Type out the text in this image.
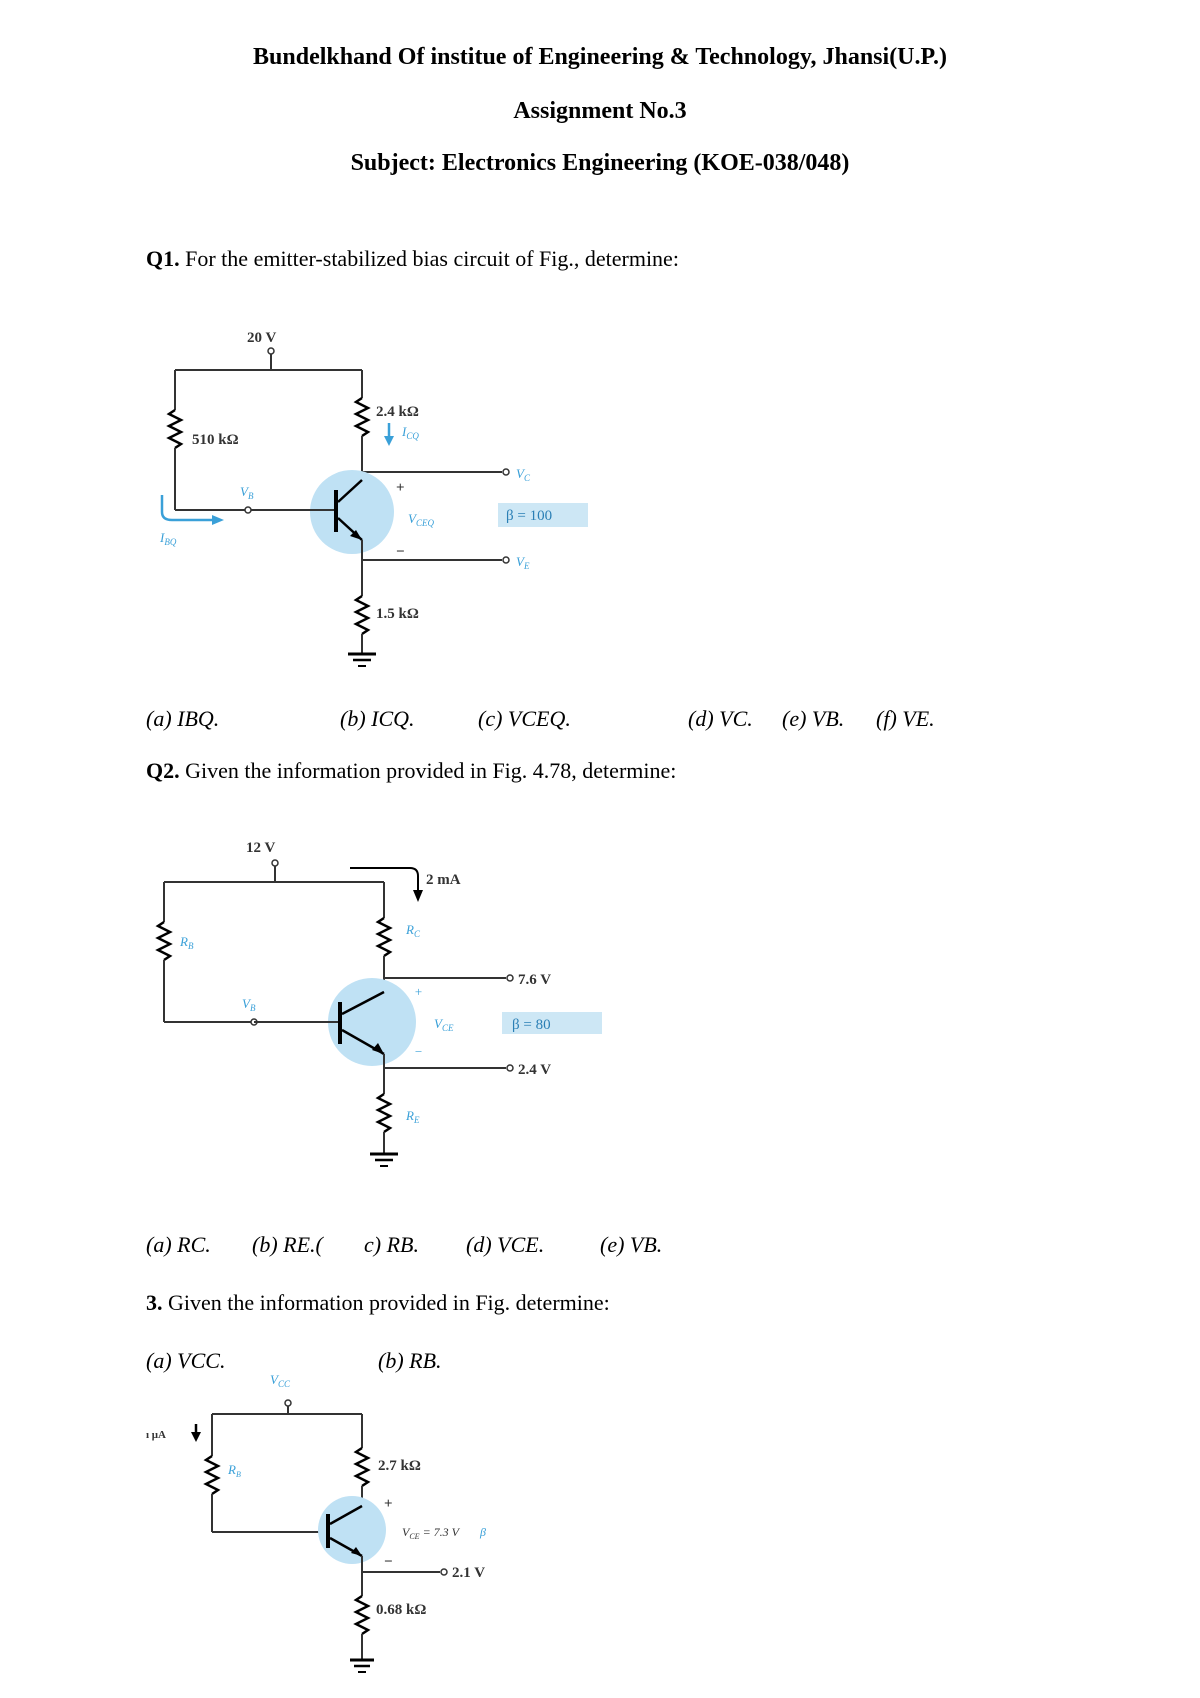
Bundelkhand Of institue of Engineering & Technology, Jhansi(U.P.)
Assignment No.3
Subject: Electronics Engineering (KOE-038/048)
Q1. For the emitter-stabilized bias circuit of Fig., determine:
20 V
510 kΩ
$V_B$
$I_{BQ}$
2.4 kΩ
$I_{CQ}$
$V_C$
+
$V_{CEQ}$
−
β = 100
$V_E$
1.5 kΩ
(a) IBQ.	(b) ICQ.	(c) VCEQ.	(d) VC. (e) VB. (f) VE.
Q2. Given the information provided in Fig. 4.78, determine:
12 V
2 mA
$R_B$
$V_B$
$R_C$
7.6 V
+
$V_{CE}$
−
β = 80
2.4 V
$R_E$
(a) RC. (b) RE.( c) RB. (d) VCE.	(e) VB.
3. Given the information provided in Fig. determine:
(a) VCC.	(b) RB.
$V_{CC}$
ı μA
$R_B$
2.7 kΩ
+
$V_{CE} = 7.3$ V β
−
2.1 V
0.68 kΩ
